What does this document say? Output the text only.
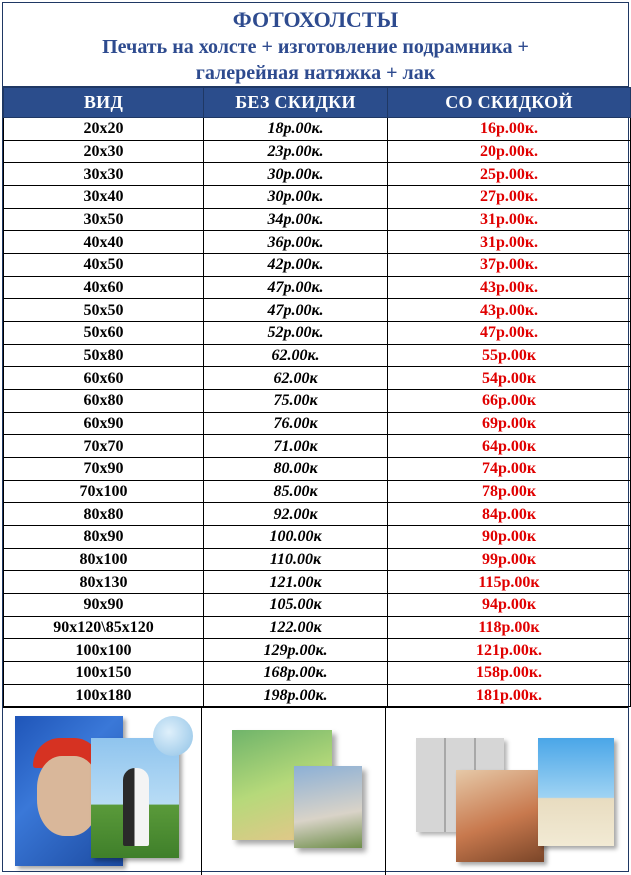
ФОТОХОЛСТЫ
Печать на холсте + изготовление подрамника +
галерейная натяжка + лак
ВИД	БЕЗ СКИДКИ	СО СКИДКОЙ
20х20	18р.00к.	16р.00к.
20х30	23р.00к.	20р.00к.
30х30	30р.00к.	25р.00к.
30х40	30р.00к.	27р.00к.
30х50	34р.00к.	31р.00к.
40х40	36р.00к.	31р.00к.
40х50	42р.00к.	37р.00к.
40х60	47р.00к.	43р.00к.
50х50	47р.00к.	43р.00к.
50х60	52р.00к.	47р.00к.
50х80	62.00к.	55р.00к
60х60	62.00к	54р.00к
60х80	75.00к	66р.00к
60х90	76.00к	69р.00к
70х70	71.00к	64р.00к
70х90	80.00к	74р.00к
70х100	85.00к	78р.00к
80х80	92.00к	84р.00к
80х90	100.00к	90р.00к
80х100	110.00к	99р.00к
80х130	121.00к	115р.00к
90х90	105.00к	94р.00к
90х120\85х120	122.00к	118р.00к
100х100	129р.00к.	121р.00к.
100х150	168р.00к.	158р.00к.
100х180	198р.00к.	181р.00к.
